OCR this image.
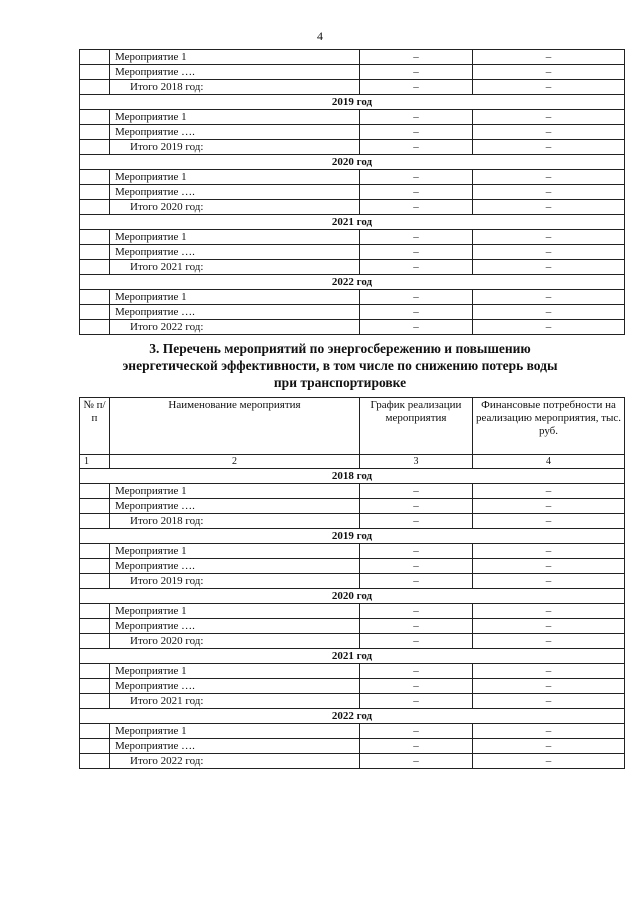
4
	Мероприятие 1	–	–
	Мероприятие ….	–	–
	Итого 2018 год:	–	–
2019 год			
	Мероприятие 1	–	–
	Мероприятие ….	–	–
	Итого 2019 год:	–	–
2020 год			
	Мероприятие 1	–	–
	Мероприятие ….	–	–
	Итого 2020 год:	–	–
2021 год			
	Мероприятие 1	–	–
	Мероприятие ….	–	–
	Итого 2021 год:	–	–
2022 год			
	Мероприятие 1	–	–
	Мероприятие ….	–	–
	Итого 2022 год:	–	–
3. Перечень мероприятий по энергосбережению и повышению
энергетической эффективности, в том числе по снижению потерь воды
при транспортировке
№ п/п	Наименование мероприятия	График реализации мероприятия	Финансовые потребности на реализацию мероприятия, тыс. руб.
1	2	3	4
2018 год			
	Мероприятие 1	–	–
	Мероприятие ….	–	–
	Итого 2018 год:	–	–
2019 год			
	Мероприятие 1	–	–
	Мероприятие ….	–	–
	Итого 2019 год:	–	–
2020 год			
	Мероприятие 1	–	–
	Мероприятие ….	–	–
	Итого 2020 год:	–	–
2021 год			
	Мероприятие 1	–	–
	Мероприятие ….	–	–
	Итого 2021 год:	–	–
2022 год			
	Мероприятие 1	–	–
	Мероприятие ….	–	–
	Итого 2022 год:	–	–
